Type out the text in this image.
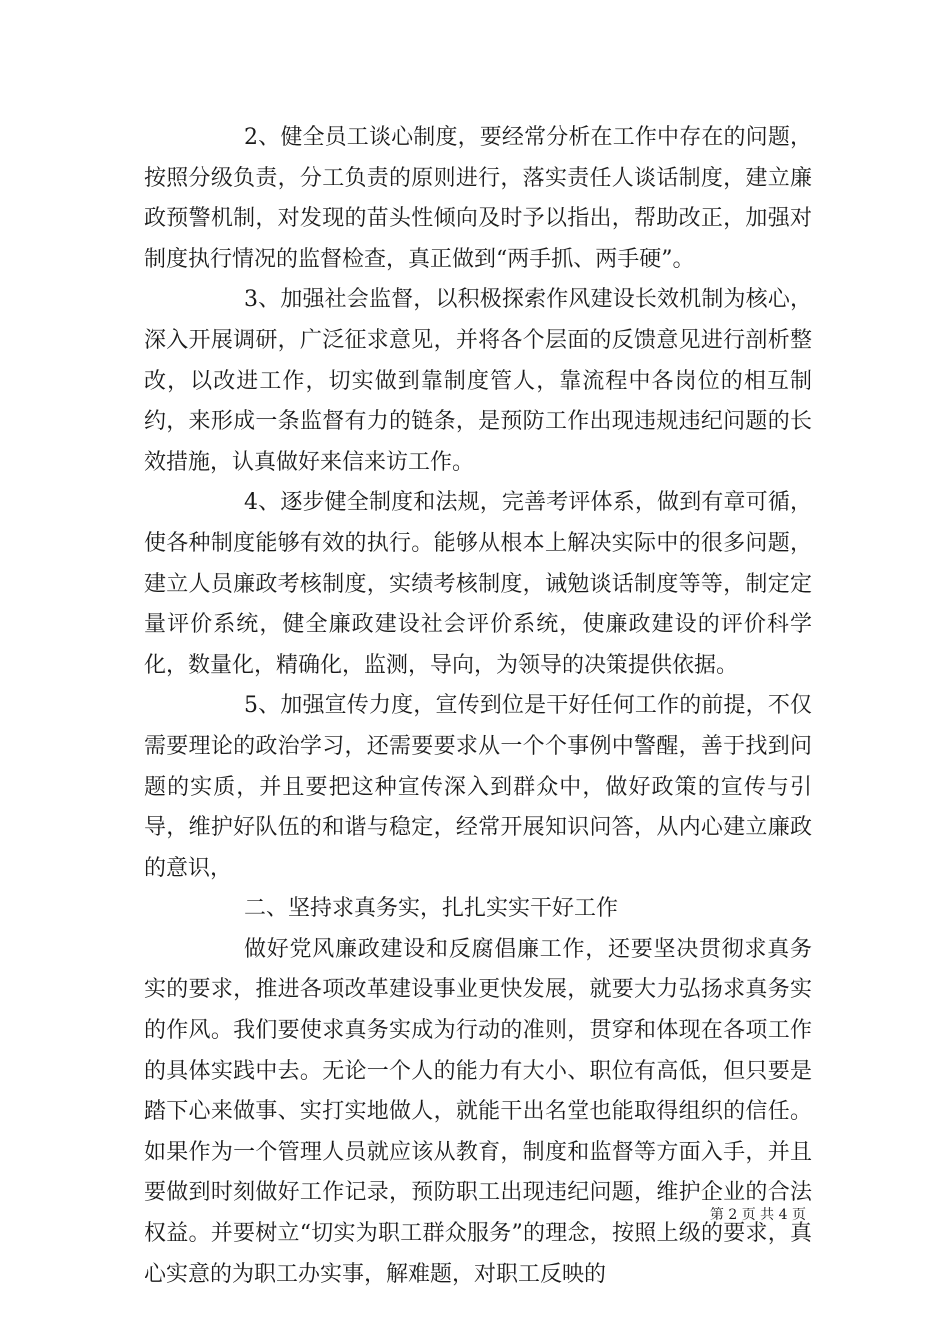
2、健全员工谈心制度，要经常分析在工作中存在的问题，按照分级负责，分工负责的原则进行，落实责任人谈话制度，建立廉政预警机制，对发现的苗头性倾向及时予以指出，帮助改正，加强对制度执行情况的监督检查，真正做到“两手抓、两手硬”。

3、加强社会监督，以积极探索作风建设长效机制为核心，深入开展调研，广泛征求意见，并将各个层面的反馈意见进行剖析整改，以改进工作，切实做到靠制度管人，靠流程中各岗位的相互制约，来形成一条监督有力的链条，是预防工作出现违规违纪问题的长效措施，认真做好来信来访工作。

4、逐步健全制度和法规，完善考评体系，做到有章可循，使各种制度能够有效的执行。能够从根本上解决实际中的很多问题，建立人员廉政考核制度，实绩考核制度，诫勉谈话制度等等，制定定量评价系统，健全廉政建设社会评价系统，使廉政建设的评价科学化，数量化，精确化，监测，导向，为领导的决策提供依据。

5、加强宣传力度，宣传到位是干好任何工作的前提，不仅需要理论的政治学习，还需要要求从一个个事例中警醒，善于找到问题的实质，并且要把这种宣传深入到群众中，做好政策的宣传与引导，维护好队伍的和谐与稳定，经常开展知识问答，从内心建立廉政的意识，

二、坚持求真务实，扎扎实实干好工作

做好党风廉政建设和反腐倡廉工作，还要坚决贯彻求真务实的要求，推进各项改革建设事业更快发展，就要大力弘扬求真务实的作风。我们要使求真务实成为行动的准则，贯穿和体现在各项工作的具体实践中去。无论一个人的能力有大小、职位有高低，但只要是踏下心来做事、实打实地做人，就能干出名堂也能取得组织的信任。如果作为一个管理人员就应该从教育，制度和监督等方面入手，并且要做到时刻做好工作记录，预防职工出现违纪问题，维护企业的合法权益。并要树立“切实为职工群众服务”的理念，按照上级的要求，真心实意的为职工办实事，解难题，对职工反映的

第 2 页 共 4 页
